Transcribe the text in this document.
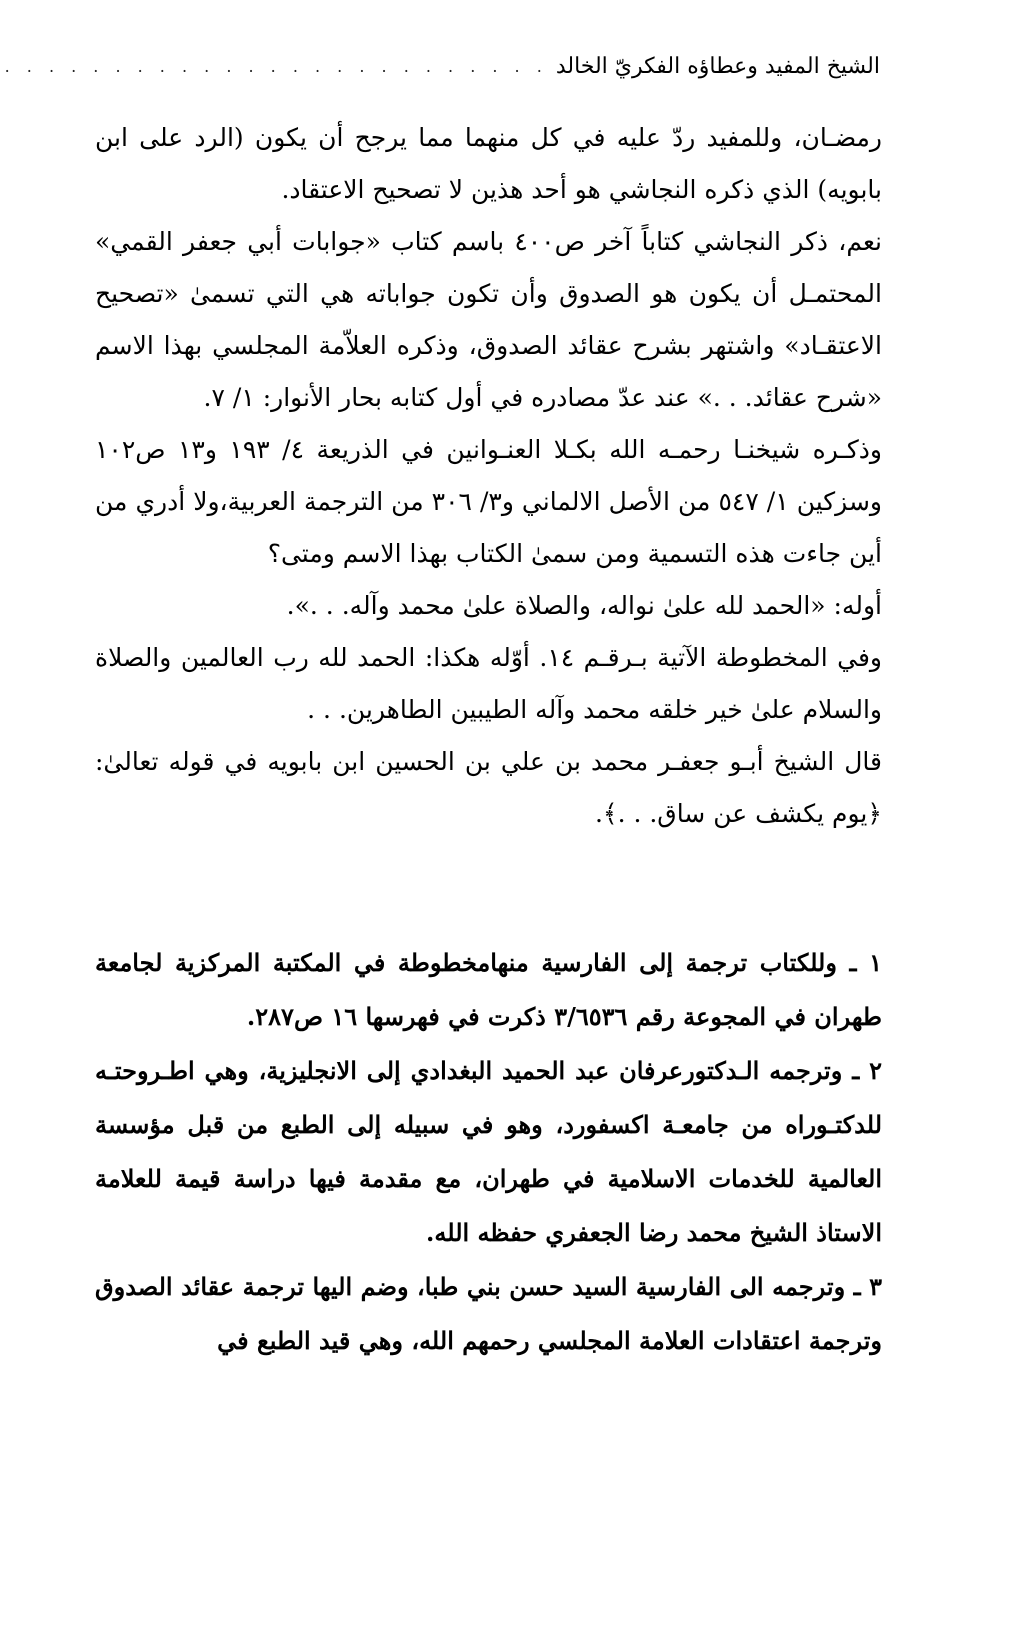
الشيخ المفيد وعطاؤه الفكريّ الخالد
. . . . . . . . . . . . . . . . . . . . . . . . .

رمضـان، وللمفيد ردّ عليه في كل منهما مما يرجح أن يكون (الرد على ابن بابويه) الذي ذكره النجاشي هو أحد هذين لا تصحيح الاعتقاد.

نعم، ذكر النجاشي كتاباً آخر ص٤٠٠ باسم كتاب «جوابات أبي جعفر القمي» المحتمـل أن يكون هو الصدوق وأن تكون جواباته هي التي تسمىٰ «تصحيح الاعتقـاد» واشتهر بشرح عقائد الصدوق، وذكره العلاّمة المجلسي بهذا الاسم «شرح عقائد. . .» عند عدّ مصادره في أول كتابه بحار الأنوار: ١/ ٧.

وذكـره شيخنـا رحمـه الله بكـلا العنـوانين في الذريعة ٤/ ١٩٣ و١٣ ص١٠٢ وسزكين ١/ ٥٤٧ من الأصل الالماني و٣/ ٣٠٦ من الترجمة العربية،ولا أدري من أين جاءت هذه التسمية ومن سمىٰ الكتاب بهذا الاسم ومتى؟

أوله: «الحمد لله علىٰ نواله، والصلاة علىٰ محمد وآله. . .».

وفي المخطوطة الآتية بـرقـم ١٤. أوّله هكذا: الحمد لله رب العالمين والصلاة والسلام علىٰ خير خلقه محمد وآله الطيبين الطاهرين. . .

قال الشيخ أبـو جعفـر محمد بن علي بن الحسين ابن بابويه في قوله تعالىٰ: ﴿يوم يكشف عن ساق. . .﴾.

١ ـ وللكتاب ترجمة إلى الفارسية منهامخطوطة في المكتبة المركزية لجامعة طهران في المجوعة رقم ٣/٦٥٣٦ ذكرت في فهرسها ١٦ ص٢٨٧.

٢ ـ وترجمه الـدكتورعرفان عبد الحميد البغدادي إلى الانجليزية، وهي اطـروحتـه للدكتـوراه من جامعـة اكسفورد، وهو في سبيله إلى الطبع من قبل مؤسسة العالمية للخدمات الاسلامية في طهران، مع مقدمة فيها دراسة قيمة للعلامة الاستاذ الشيخ محمد رضا الجعفري حفظه الله.

٣ ـ وترجمه الى الفارسية السيد حسن بني طبا، وضم اليها ترجمة عقائد الصدوق وترجمة اعتقادات العلامة المجلسي رحمهم الله، وهي قيد الطبع في
